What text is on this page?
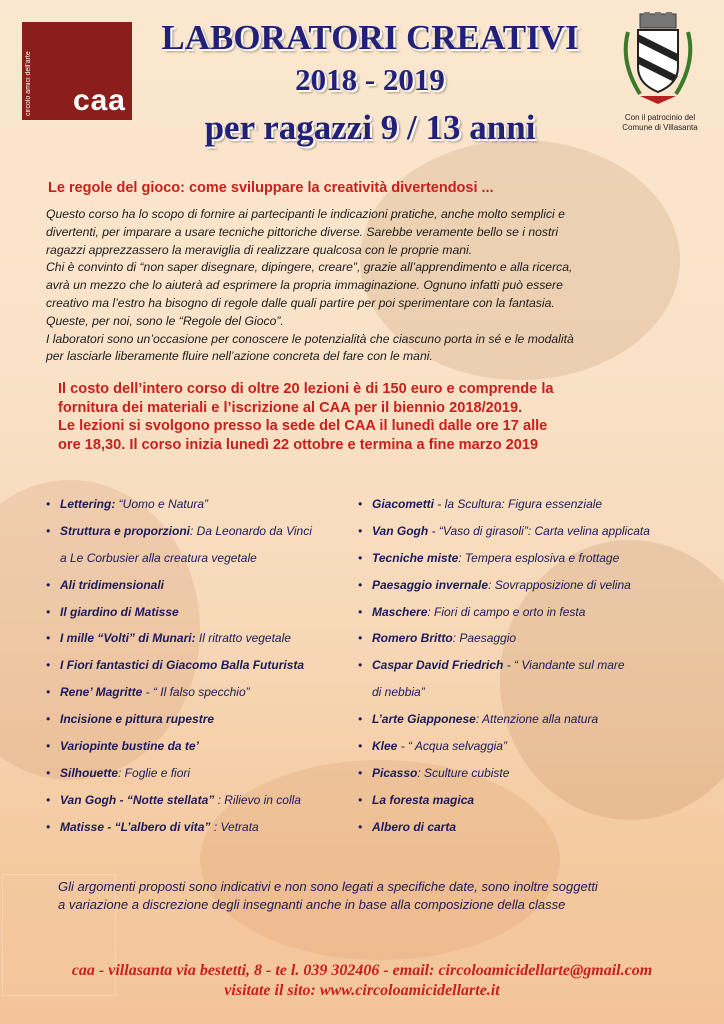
circolo amici dell'arte caa
LABORATORI CREATIVI
2018 - 2019
per ragazzi 9 / 13 anni	Con il patrocinio del
Comune di Villasanta
Le regole del gioco: come sviluppare la creatività divertendosi ...

Questo corso ha lo scopo di fornire ai partecipanti le indicazioni pratiche, anche molto semplici e

divertenti, per imparare a usare tecniche pittoriche diverse. Sarebbe veramente bello se i nostri

ragazzi apprezzassero la meraviglia di realizzare qualcosa con le proprie mani.

Chi è convinto di “non saper disegnare, dipingere, creare”, grazie all’apprendimento e alla ricerca,

avrà un mezzo che lo aiuterà ad esprimere la propria immaginazione. Ognuno infatti può essere

creativo ma l’estro ha bisogno di regole dalle quali partire per poi sperimentare con la fantasia.

Queste, per noi, sono le “Regole del Gioco”.

I laboratori sono un’occasione per conoscere le potenzialità che ciascuno porta in sé e le modalità

per lasciarle liberamente fluire nell’azione concreta del fare con le mani.

Il costo dell’intero corso di oltre 20 lezioni è di 150 euro e comprende la

fornitura dei materiali e l’iscrizione al CAA per il biennio 2018/2019.

Le lezioni si svolgono presso la sede del CAA il lunedì dalle ore 17 alle

ore 18,30. Il corso inizia lunedì 22 ottobre e termina a fine marzo 2019

• Lettering: “Uomo e Natura”
• Struttura e proporzioni: Da Leonardo da Vinci
a Le Corbusier alla creatura vegetale
• Ali tridimensionali
• Il giardino di Matisse
• I mille “Volti” di Munari: Il ritratto vegetale
• I Fiori fantastici di Giacomo Balla Futurista
• Rene’ Magritte - “ Il falso specchio”
• Incisione e pittura rupestre
• Variopinte bustine da te’
• Silhouette: Foglie e fiori
• Van Gogh - “Notte stellata” : Rilievo in colla
• Matisse - “L’albero di vita” : Vetrata
• Giacometti - la Scultura: Figura essenziale
• Van Gogh - “Vaso di girasoli”: Carta velina applicata
• Tecniche miste: Tempera esplosiva e frottage
• Paesaggio invernale: Sovrapposizione di velina
• Maschere: Fiori di campo e orto in festa
• Romero Britto: Paesaggio
• Caspar David Friedrich - “ Viandante sul mare
di nebbia”
• L’arte Giapponese: Attenzione alla natura
• Klee - “ Acqua selvaggia”
• Picasso: Sculture cubiste
• La foresta magica
• Albero di carta

Gli argomenti proposti sono indicativi e non sono legati a specifiche date, sono inoltre soggetti

a variazione a discrezione degli insegnanti anche in base alla composizione della classe

caa - villasanta via bestetti, 8 - te l. 039 302406 - email: circoloamicidellarte@gmail.com

visitate il sito: www.circoloamicidellarte.it
